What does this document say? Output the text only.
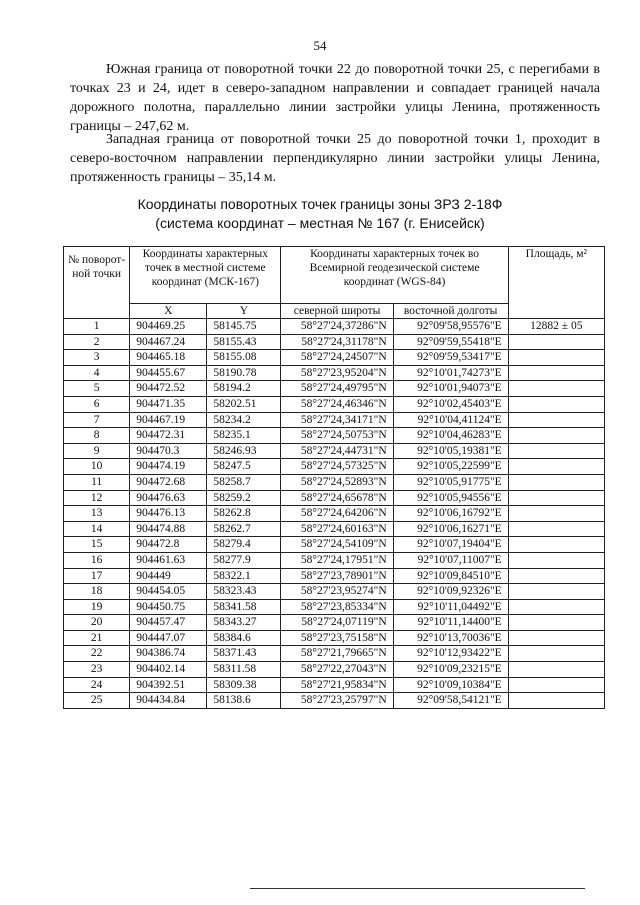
54

Южная граница от поворотной точки 22 до поворотной точки 25, с перегибами в точках 23 и 24, идет в северо-западном направлении и совпадает границей начала дорожного полотна, параллельно линии застройки улицы Ленина, протяженность границы – 247,62 м.

Западная граница от поворотной точки 25 до поворотной точки 1, проходит в северо-восточном направлении перпендикулярно линии застройки улицы Ленина, протяженность границы – 35,14 м.

Координаты поворотных точек границы зоны ЗРЗ 2-18Ф
(система координат – местная № 167 (г. Енисейск)
№ поворот-ной точки	Координаты характерных точек в местной системе координат (МСК-167)		Координаты характерных точек во Всемирной геодезической системе координат (WGS-84)		Площадь, м²
	X	Y	северной широты	восточной долготы	
1	904469.25	58145.75	58°27'24,37286"N	92°09'58,95576"E	12882 ± 05
2	904467.24	58155.43	58°27'24,31178"N	92°09'59,55418"E	
3	904465.18	58155.08	58°27'24,24507"N	92°09'59,53417"E	
4	904455.67	58190.78	58°27'23,95204"N	92°10'01,74273"E	
5	904472.52	58194.2	58°27'24,49795"N	92°10'01,94073"E	
6	904471.35	58202.51	58°27'24,46346"N	92°10'02,45403"E	
7	904467.19	58234.2	58°27'24,34171"N	92°10'04,41124"E	
8	904472.31	58235.1	58°27'24,50753"N	92°10'04,46283"E	
9	904470.3	58246.93	58°27'24,44731"N	92°10'05,19381"E	
10	904474.19	58247.5	58°27'24,57325"N	92°10'05,22599"E	
11	904472.68	58258.7	58°27'24,52893"N	92°10'05,91775"E	
12	904476.63	58259.2	58°27'24,65678"N	92°10'05,94556"E	
13	904476.13	58262.8	58°27'24,64206"N	92°10'06,16792"E	
14	904474.88	58262.7	58°27'24,60163"N	92°10'06,16271"E	
15	904472.8	58279.4	58°27'24,54109"N	92°10'07,19404"E	
16	904461.63	58277.9	58°27'24,17951"N	92°10'07,11007"E	
17	904449	58322.1	58°27'23,78901"N	92°10'09,84510"E	
18	904454.05	58323.43	58°27'23,95274"N	92°10'09,92326"E	
19	904450.75	58341.58	58°27'23,85334"N	92°10'11,04492"E	
20	904457.47	58343.27	58°27'24,07119"N	92°10'11,14400"E	
21	904447.07	58384.6	58°27'23,75158"N	92°10'13,70036"E	
22	904386.74	58371.43	58°27'21,79665"N	92°10'12,93422"E	
23	904402.14	58311.58	58°27'22,27043"N	92°10'09,23215"E	
24	904392.51	58309.38	58°27'21,95834"N	92°10'09,10384"E	
25	904434.84	58138.6	58°27'23,25797"N	92°09'58,54121"E	
